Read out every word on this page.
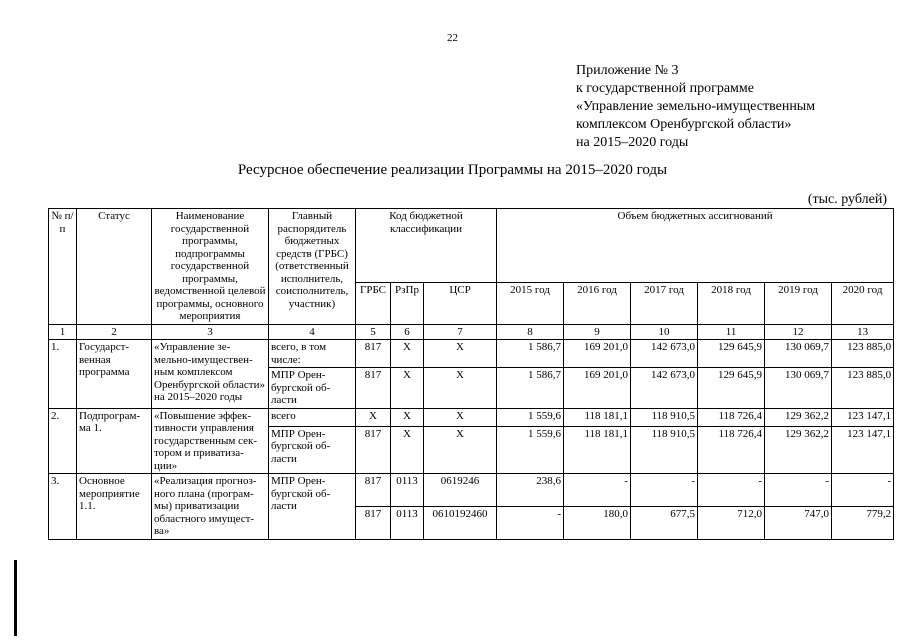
22
Приложение № 3
к государственной программе
«Управление земельно-имущественным
комплексом Оренбургской области»
на 2015–2020 годы
Ресурсное обеспечение реализации Программы на 2015–2020 годы
(тыс. рублей)
№ п/п	Статус	Наименование государственной программы, подпрограммы государственной программы, ведомственной целевой программы, основного мероприятия	Главный распорядитель бюджетных средств (ГРБС) (ответственный исполнитель, соисполнитель, участник)	Код бюджетной классификации			Объем бюджетных ассигнований					
				ГРБС	РзПр	ЦСР	2015 год	2016 год	2017 год	2018 год	2019 год	2020 год
1	2	3	4	5	6	7	8	9	10	11	12	13
1.	Государст-венная программа	«Управление зе-мельно-имуществен-ным комплексом Оренбургской области» на 2015–2020 годы	всего, в том числе:	817	Х	Х	1 586,7	169 201,0	142 673,0	129 645,9	130 069,7	123 885,0
			МПР Орен-бургской об-ласти	817	Х	Х	1 586,7	169 201,0	142 673,0	129 645,9	130 069,7	123 885,0
2.	Подпрограм-ма 1.	«Повышение эффек-тивности управления государственным сек-тором и приватиза-ции»	всего	Х	Х	Х	1 559,6	118 181,1	118 910,5	118 726,4	129 362,2	123 147,1
			МПР Орен-бургской об-ласти	817	Х	Х	1 559,6	118 181,1	118 910,5	118 726,4	129 362,2	123 147,1
3.	Основное мероприятие 1.1.	«Реализация прогноз-ного плана (програм-мы) приватизации областного имущест-ва»	МПР Орен-бургской об-ласти	817	0113	0619246	238,6	-	-	-	-	-
				817	0113	0610192460	-	180,0	677,5	712,0	747,0	779,2
